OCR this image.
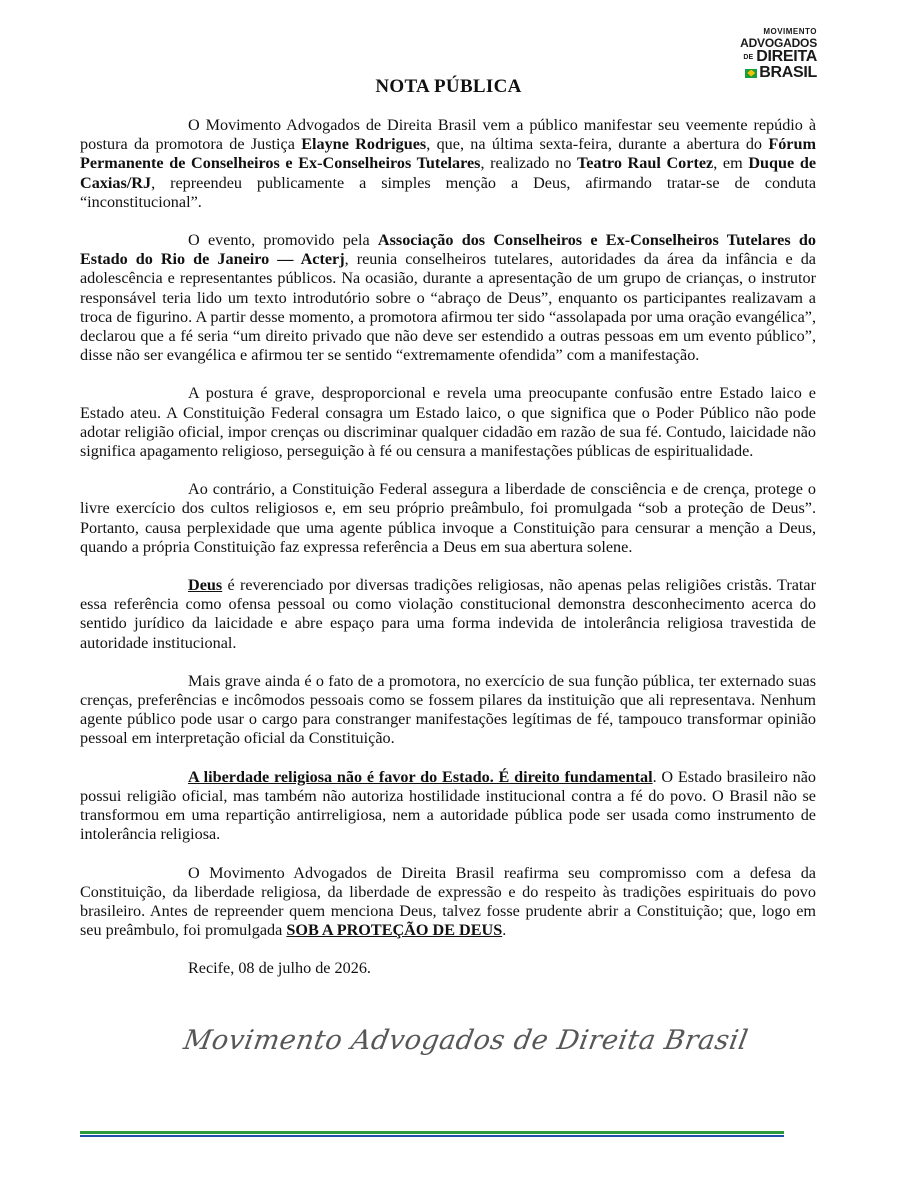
MOVIMENTO
ADVOGADOS
DE DIREITA
BRASIL
NOTA PÚBLICA

O Movimento Advogados de Direita Brasil vem a público manifestar seu veemente repúdio à postura da promotora de Justiça Elayne Rodrigues, que, na última sexta-feira, durante a abertura do Fórum Permanente de Conselheiros e Ex-Conselheiros Tutelares, realizado no Teatro Raul Cortez, em Duque de Caxias/RJ, repreendeu publicamente a simples menção a Deus, afirmando tratar-se de conduta “inconstitucional”.

O evento, promovido pela Associação dos Conselheiros e Ex-Conselheiros Tutelares do Estado do Rio de Janeiro — Acterj, reunia conselheiros tutelares, autoridades da área da infância e da adolescência e representantes públicos. Na ocasião, durante a apresentação de um grupo de crianças, o instrutor responsável teria lido um texto introdutório sobre o “abraço de Deus”, enquanto os participantes realizavam a troca de figurino. A partir desse momento, a promotora afirmou ter sido “assolapada por uma oração evangélica”, declarou que a fé seria “um direito privado que não deve ser estendido a outras pessoas em um evento público”, disse não ser evangélica e afirmou ter se sentido “extremamente ofendida” com a manifestação.

A postura é grave, desproporcional e revela uma preocupante confusão entre Estado laico e Estado ateu. A Constituição Federal consagra um Estado laico, o que significa que o Poder Público não pode adotar religião oficial, impor crenças ou discriminar qualquer cidadão em razão de sua fé. Contudo, laicidade não significa apagamento religioso, perseguição à fé ou censura a manifestações públicas de espiritualidade.

Ao contrário, a Constituição Federal assegura a liberdade de consciência e de crença, protege o livre exercício dos cultos religiosos e, em seu próprio preâmbulo, foi promulgada “sob a proteção de Deus”. Portanto, causa perplexidade que uma agente pública invoque a Constituição para censurar a menção a Deus, quando a própria Constituição faz expressa referência a Deus em sua abertura solene.

Deus é reverenciado por diversas tradições religiosas, não apenas pelas religiões cristãs. Tratar essa referência como ofensa pessoal ou como violação constitucional demonstra desconhecimento acerca do sentido jurídico da laicidade e abre espaço para uma forma indevida de intolerância religiosa travestida de autoridade institucional.

Mais grave ainda é o fato de a promotora, no exercício de sua função pública, ter externado suas crenças, preferências e incômodos pessoais como se fossem pilares da instituição que ali representava. Nenhum agente público pode usar o cargo para constranger manifestações legítimas de fé, tampouco transformar opinião pessoal em interpretação oficial da Constituição.

A liberdade religiosa não é favor do Estado. É direito fundamental. O Estado brasileiro não possui religião oficial, mas também não autoriza hostilidade institucional contra a fé do povo. O Brasil não se transformou em uma repartição antirreligiosa, nem a autoridade pública pode ser usada como instrumento de intolerância religiosa.

O Movimento Advogados de Direita Brasil reafirma seu compromisso com a defesa da Constituição, da liberdade religiosa, da liberdade de expressão e do respeito às tradições espirituais do povo brasileiro. Antes de repreender quem menciona Deus, talvez fosse prudente abrir a Constituição; que, logo em seu preâmbulo, foi promulgada SOB A PROTEÇÃO DE DEUS.

Recife, 08 de julho de 2026.
Movimento Advogados de Direita Brasil
